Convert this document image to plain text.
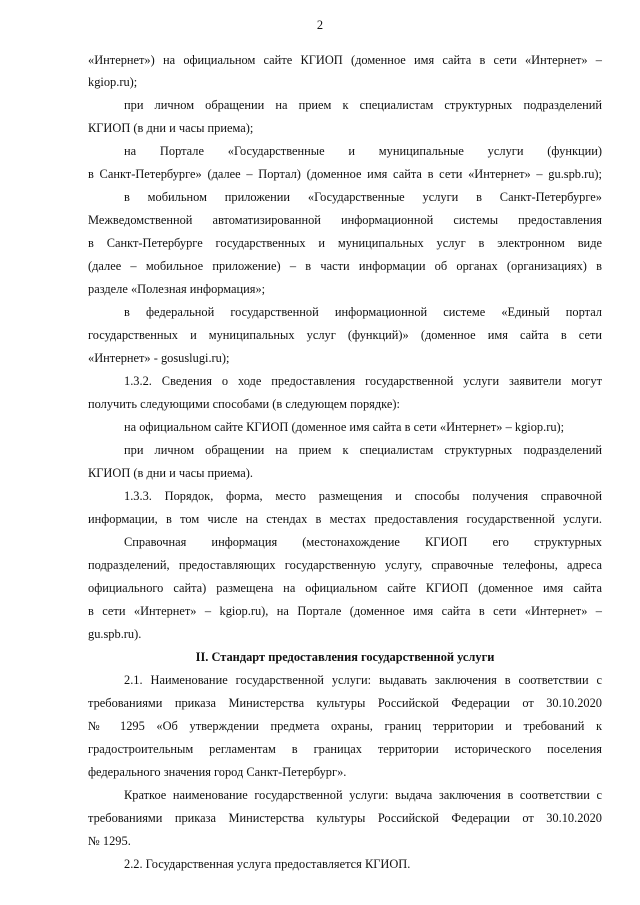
2
«Интернет») на официальном сайте КГИОП (доменное имя сайта в сети «Интернет» –
kgiop.ru);
при личном обращении на прием к специалистам структурных подразделений
КГИОП (в дни и часы приема);
на Портале «Государственные и муниципальные услуги (функции)
в Санкт-Петербурге» (далее – Портал) (доменное имя сайта в сети «Интернет» – gu.spb.ru);
в мобильном приложении «Государственные услуги в Санкт-Петербурге»
Межведомственной автоматизированной информационной системы предоставления
в Санкт-Петербурге государственных и муниципальных услуг в электронном виде
(далее – мобильное приложение) – в части информации об органах (организациях) в
разделе «Полезная информация»;
в федеральной государственной информационной системе «Единый портал
государственных и муниципальных услуг (функций)» (доменное имя сайта в сети
«Интернет» - gosuslugi.ru);
1.3.2. Сведения о ходе предоставления государственной услуги заявители могут
получить следующими способами (в следующем порядке):
на официальном сайте КГИОП (доменное имя сайта в сети «Интернет» – kgiop.ru);
при личном обращении на прием к специалистам структурных подразделений
КГИОП (в дни и часы приема).
1.3.3. Порядок, форма, место размещения и способы получения справочной
информации, в том числе на стендах в местах предоставления государственной услуги.
Справочная информация (местонахождение КГИОП его структурных
подразделений, предоставляющих государственную услугу, справочные телефоны, адреса
официального сайта) размещена на официальном сайте КГИОП (доменное имя сайта
в сети «Интернет» – kgiop.ru), на Портале (доменное имя сайта в сети «Интернет» –
gu.spb.ru).
II. Стандарт предоставления государственной услуги
2.1. Наименование государственной услуги: выдавать заключения в соответствии с
требованиями приказа Министерства культуры Российской Федерации от 30.10.2020
№ 1295 «Об утверждении предмета охраны, границ территории и требований к
градостроительным регламентам в границах территории исторического поселения
федерального значения город Санкт-Петербург».
Краткое наименование государственной услуги: выдача заключения в соответствии с
требованиями приказа Министерства культуры Российской Федерации от 30.10.2020
№ 1295.
2.2. Государственная услуга предоставляется КГИОП.
